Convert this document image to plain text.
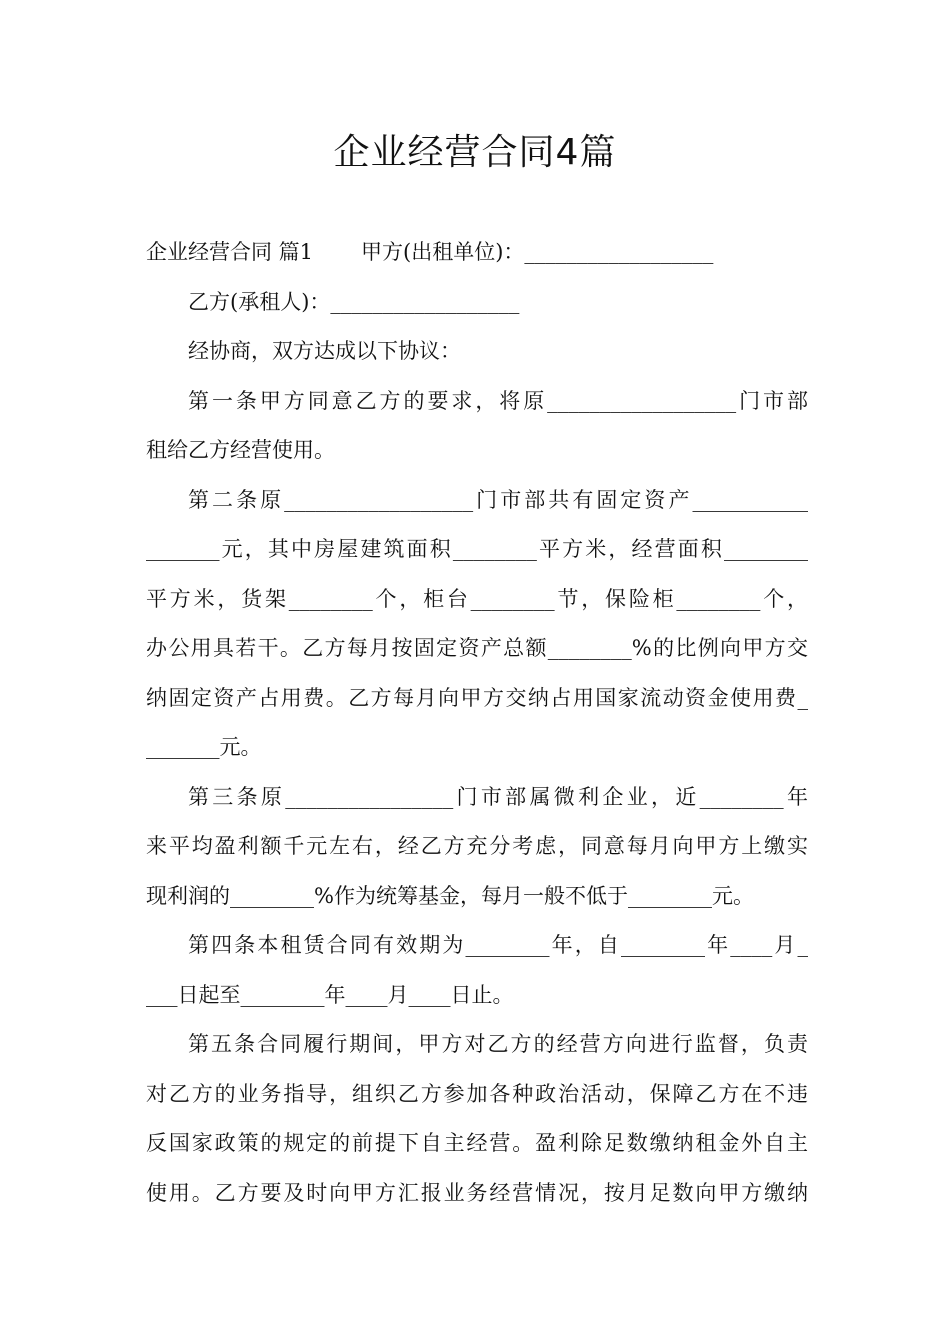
企业经营合同4篇
企业经营合同 篇1 甲方(出租单位)：__________________
乙方(承租人)：__________________
经协商，双方达成以下协议：
第一条甲方同意乙方的要求，将原__________________门市部
租给乙方经营使用。
第二条原__________________门市部共有固定资产___________
_______元，其中房屋建筑面积________平方米，经营面积________
平方米，货架________个，柜台________节，保险柜________个，
办公用具若干。乙方每月按固定资产总额________%的比例向甲方交
纳固定资产占用费。乙方每月向甲方交纳占用国家流动资金使用费_
_______元。
第三条原________________门市部属微利企业，近________年
来平均盈利额千元左右，经乙方充分考虑，同意每月向甲方上缴实
现利润的________%作为统筹基金，每月一般不低于________元。
第四条本租赁合同有效期为________年，自________年____月_
___日起至________年____月____日止。
第五条合同履行期间，甲方对乙方的经营方向进行监督，负责
对乙方的业务指导，组织乙方参加各种政治活动，保障乙方在不违
反国家政策的规定的前提下自主经营。盈利除足数缴纳租金外自主
使用。乙方要及时向甲方汇报业务经营情况，按月足数向甲方缴纳
